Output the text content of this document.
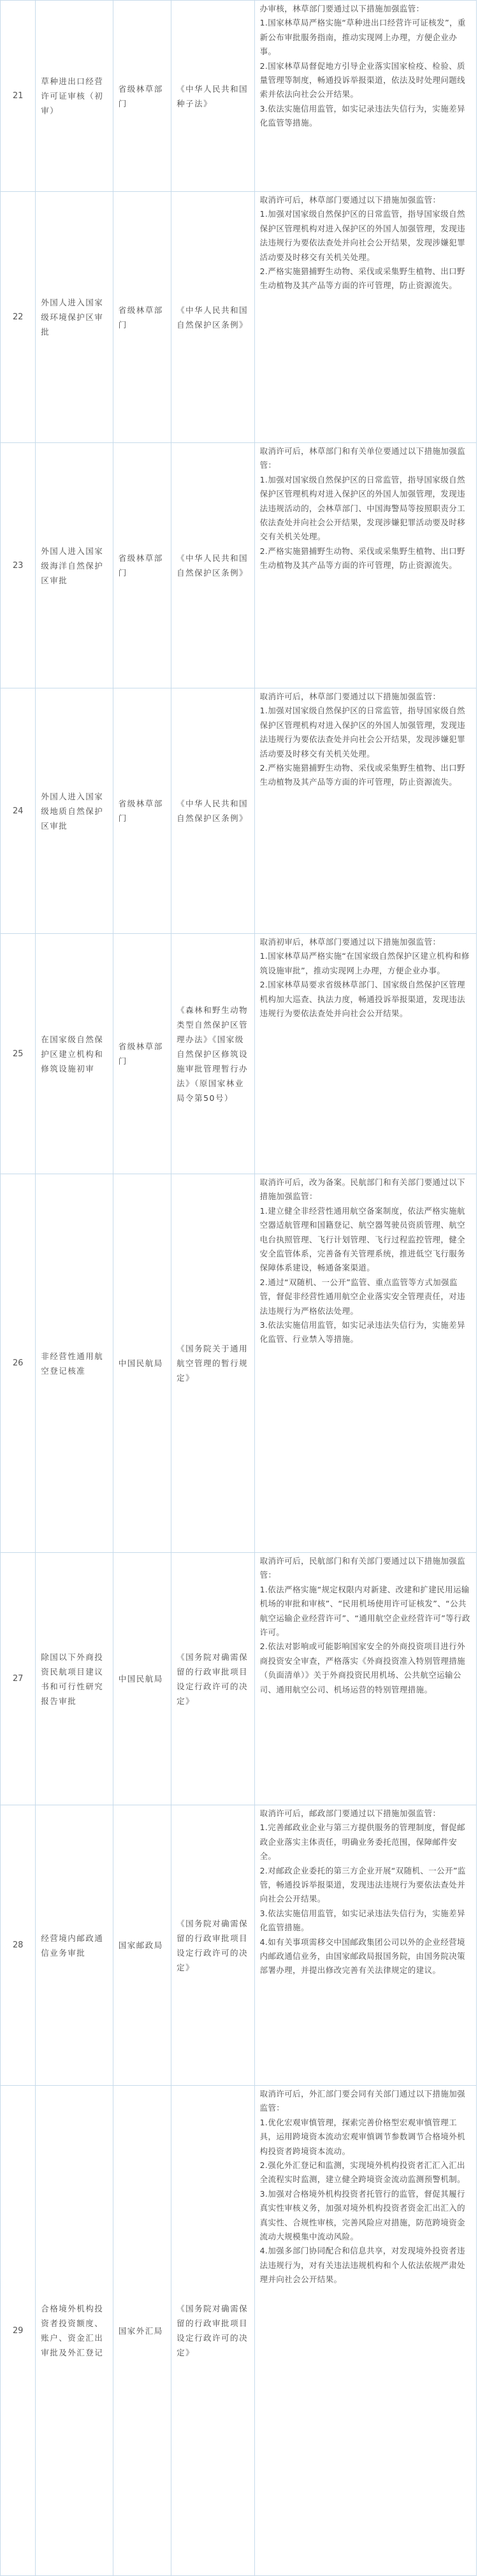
21	草种进出口经营许可证审核（初审）	省级林草部门	《中华人民共和国种子法》	办审核，林草部门要通过以下措施加强监管：

1.国家林草局严格实施“草种进出口经营许可证核发”，重新公布审批服务指南，推动实现网上办理，方便企业办事。

2.国家林草局督促地方引导企业落实国家检疫、检验、质量管理等制度，畅通投诉举报渠道，依法及时处理问题线索并依法向社会公开结果。

3.依法实施信用监管，如实记录违法失信行为，实施差异化监管等措施。

22	外国人进入国家级环境保护区审批	省级林草部门	《中华人民共和国自然保护区条例》	取消许可后，林草部门要通过以下措施加强监管：

1.加强对国家级自然保护区的日常监管，指导国家级自然保护区管理机构对进入保护区的外国人加强管理，发现违法违规行为要依法查处并向社会公开结果，发现涉嫌犯罪活动要及时移交有关机关处理。

2.严格实施猎捕野生动物、采伐或采集野生植物、出口野生动植物及其产品等方面的许可管理，防止资源流失。

23	外国人进入国家级海洋自然保护区审批	省级林草部门	《中华人民共和国自然保护区条例》	取消许可后，林草部门和有关单位要通过以下措施加强监管：

1.加强对国家级自然保护区的日常监管，指导国家级自然保护区管理机构对进入保护区的外国人加强管理，发现违法违规活动的，会林草部门、中国海警局等按照职责分工依法查处并向社会公开结果，发现涉嫌犯罪活动要及时移交有关机关处理。

2.严格实施猎捕野生动物、采伐或采集野生植物、出口野生动植物及其产品等方面的许可管理，防止资源流失。

24	外国人进入国家级地质自然保护区审批	省级林草部门	《中华人民共和国自然保护区条例》	取消许可后，林草部门要通过以下措施加强监管：

1.加强对国家级自然保护区的日常监管，指导国家级自然保护区管理机构对进入保护区的外国人加强管理，发现违法违规行为要依法查处并向社会公开结果，发现涉嫌犯罪活动要及时移交有关机关处理。

2.严格实施猎捕野生动物、采伐或采集野生植物、出口野生动植物及其产品等方面的许可管理，防止资源流失。

25	在国家级自然保护区建立机构和修筑设施初审	省级林草部门	《森林和野生动物类型自然保护区管理办法》《国家级自然保护区修筑设施审批管理暂行办法》（原国家林业局令第50号）	取消初审后，林草部门要通过以下措施加强监管：

1.国家林草局严格实施“在国家级自然保护区建立机构和修筑设施审批”，推动实现网上办理，方便企业办事。

2.国家林草局要求省级林草部门、国家级自然保护区管理机构加大巡查、执法力度，畅通投诉举报渠道，发现违法违规行为要依法查处并向社会公开结果。

26	非经营性通用航空登记核准	中国民航局	《国务院关于通用航空管理的暂行规定》	取消许可后，改为备案。民航部门和有关部门要通过以下措施加强监管：

1.建立健全非经营性通用航空备案制度，依法严格实施航空器适航管理和国籍登记、航空器驾驶员资质管理、航空电台执照管理、飞行计划管理、飞行过程监控管理，健全安全监管体系，完善备有关管理系统，推进低空飞行服务保障体系建设，畅通备案渠道。

2.通过“双随机、一公开”监管、重点监管等方式加强监管，督促非经营性通用航空企业落实安全管理责任，对违法违规行为严格依法处理。

3.依法实施信用监管，如实记录违法失信行为，实施差异化监管、行业禁入等措施。

27	除国以下外商投资民航项目建议书和可行性研究报告审批	中国民航局	《国务院对确需保留的行政审批项目设定行政许可的决定》	取消许可后，民航部门和有关部门要通过以下措施加强监管：

1.依法严格实施“规定权限内对新建、改建和扩建民用运输机场的审批和审核”、“民用机场使用许可证核发”、“公共航空运输企业经营许可”、“通用航空企业经营许可”等行政许可。

2.依法对影响或可能影响国家安全的外商投资项目进行外商投资安全审查，严格落实《外商投资准入特别管理措施（负面清单）》关于外商投资民用机场、公共航空运输公司、通用航空公司、机场运营的特别管理措施。

28	经营境内邮政通信业务审批	国家邮政局	《国务院对确需保留的行政审批项目设定行政许可的决定》	取消许可后，邮政部门要通过以下措施加强监管：

1.完善邮政业企业与第三方提供服务的管理制度，督促邮政企业落实主体责任，明确业务委托范围，保障邮件安全。

2.对邮政企业委托的第三方企业开展“双随机、一公开”监管，畅通投诉举报渠道，发现违法违规行为要依法查处并向社会公开结果。

3.依法实施信用监管，如实记录违法失信行为，实施差异化监管措施。

4.如有关事项需移交中国邮政集团公司以外的企业经营境内邮政通信业务，由国家邮政局报国务院，由国务院决策部署办理，并提出修改完善有关法律规定的建议。

29	合格境外机构投资者投资额度、账户、资金汇出审批及外汇登记	国家外汇局	《国务院对确需保留的行政审批项目设定行政许可的决定》	取消许可后，外汇部门要会同有关部门通过以下措施加强监管：

1.优化宏观审慎管理，探索完善价格型宏观审慎管理工具，运用跨境资本流动宏观审慎调节参数调节合格境外机构投资者跨境资本流动。

2.强化外汇登记和监测，实现境外机构投资者汇汇入汇出全流程实时监测，建立健全跨境资金流动监测预警机制。

3.加强对合格境外机构投资者托管行的监管，督促其履行真实性审核义务，加强对境外机构投资者资金汇出汇入的真实性、合规性审核，完善风险应对措施，防范跨境资金流动大规模集中流动风险。

4.加强多部门协同配合和信息共享，对发现境外投资者违法违规行为，对有关违法违规机构和个人依法依规严肃处理并向社会公开结果。
